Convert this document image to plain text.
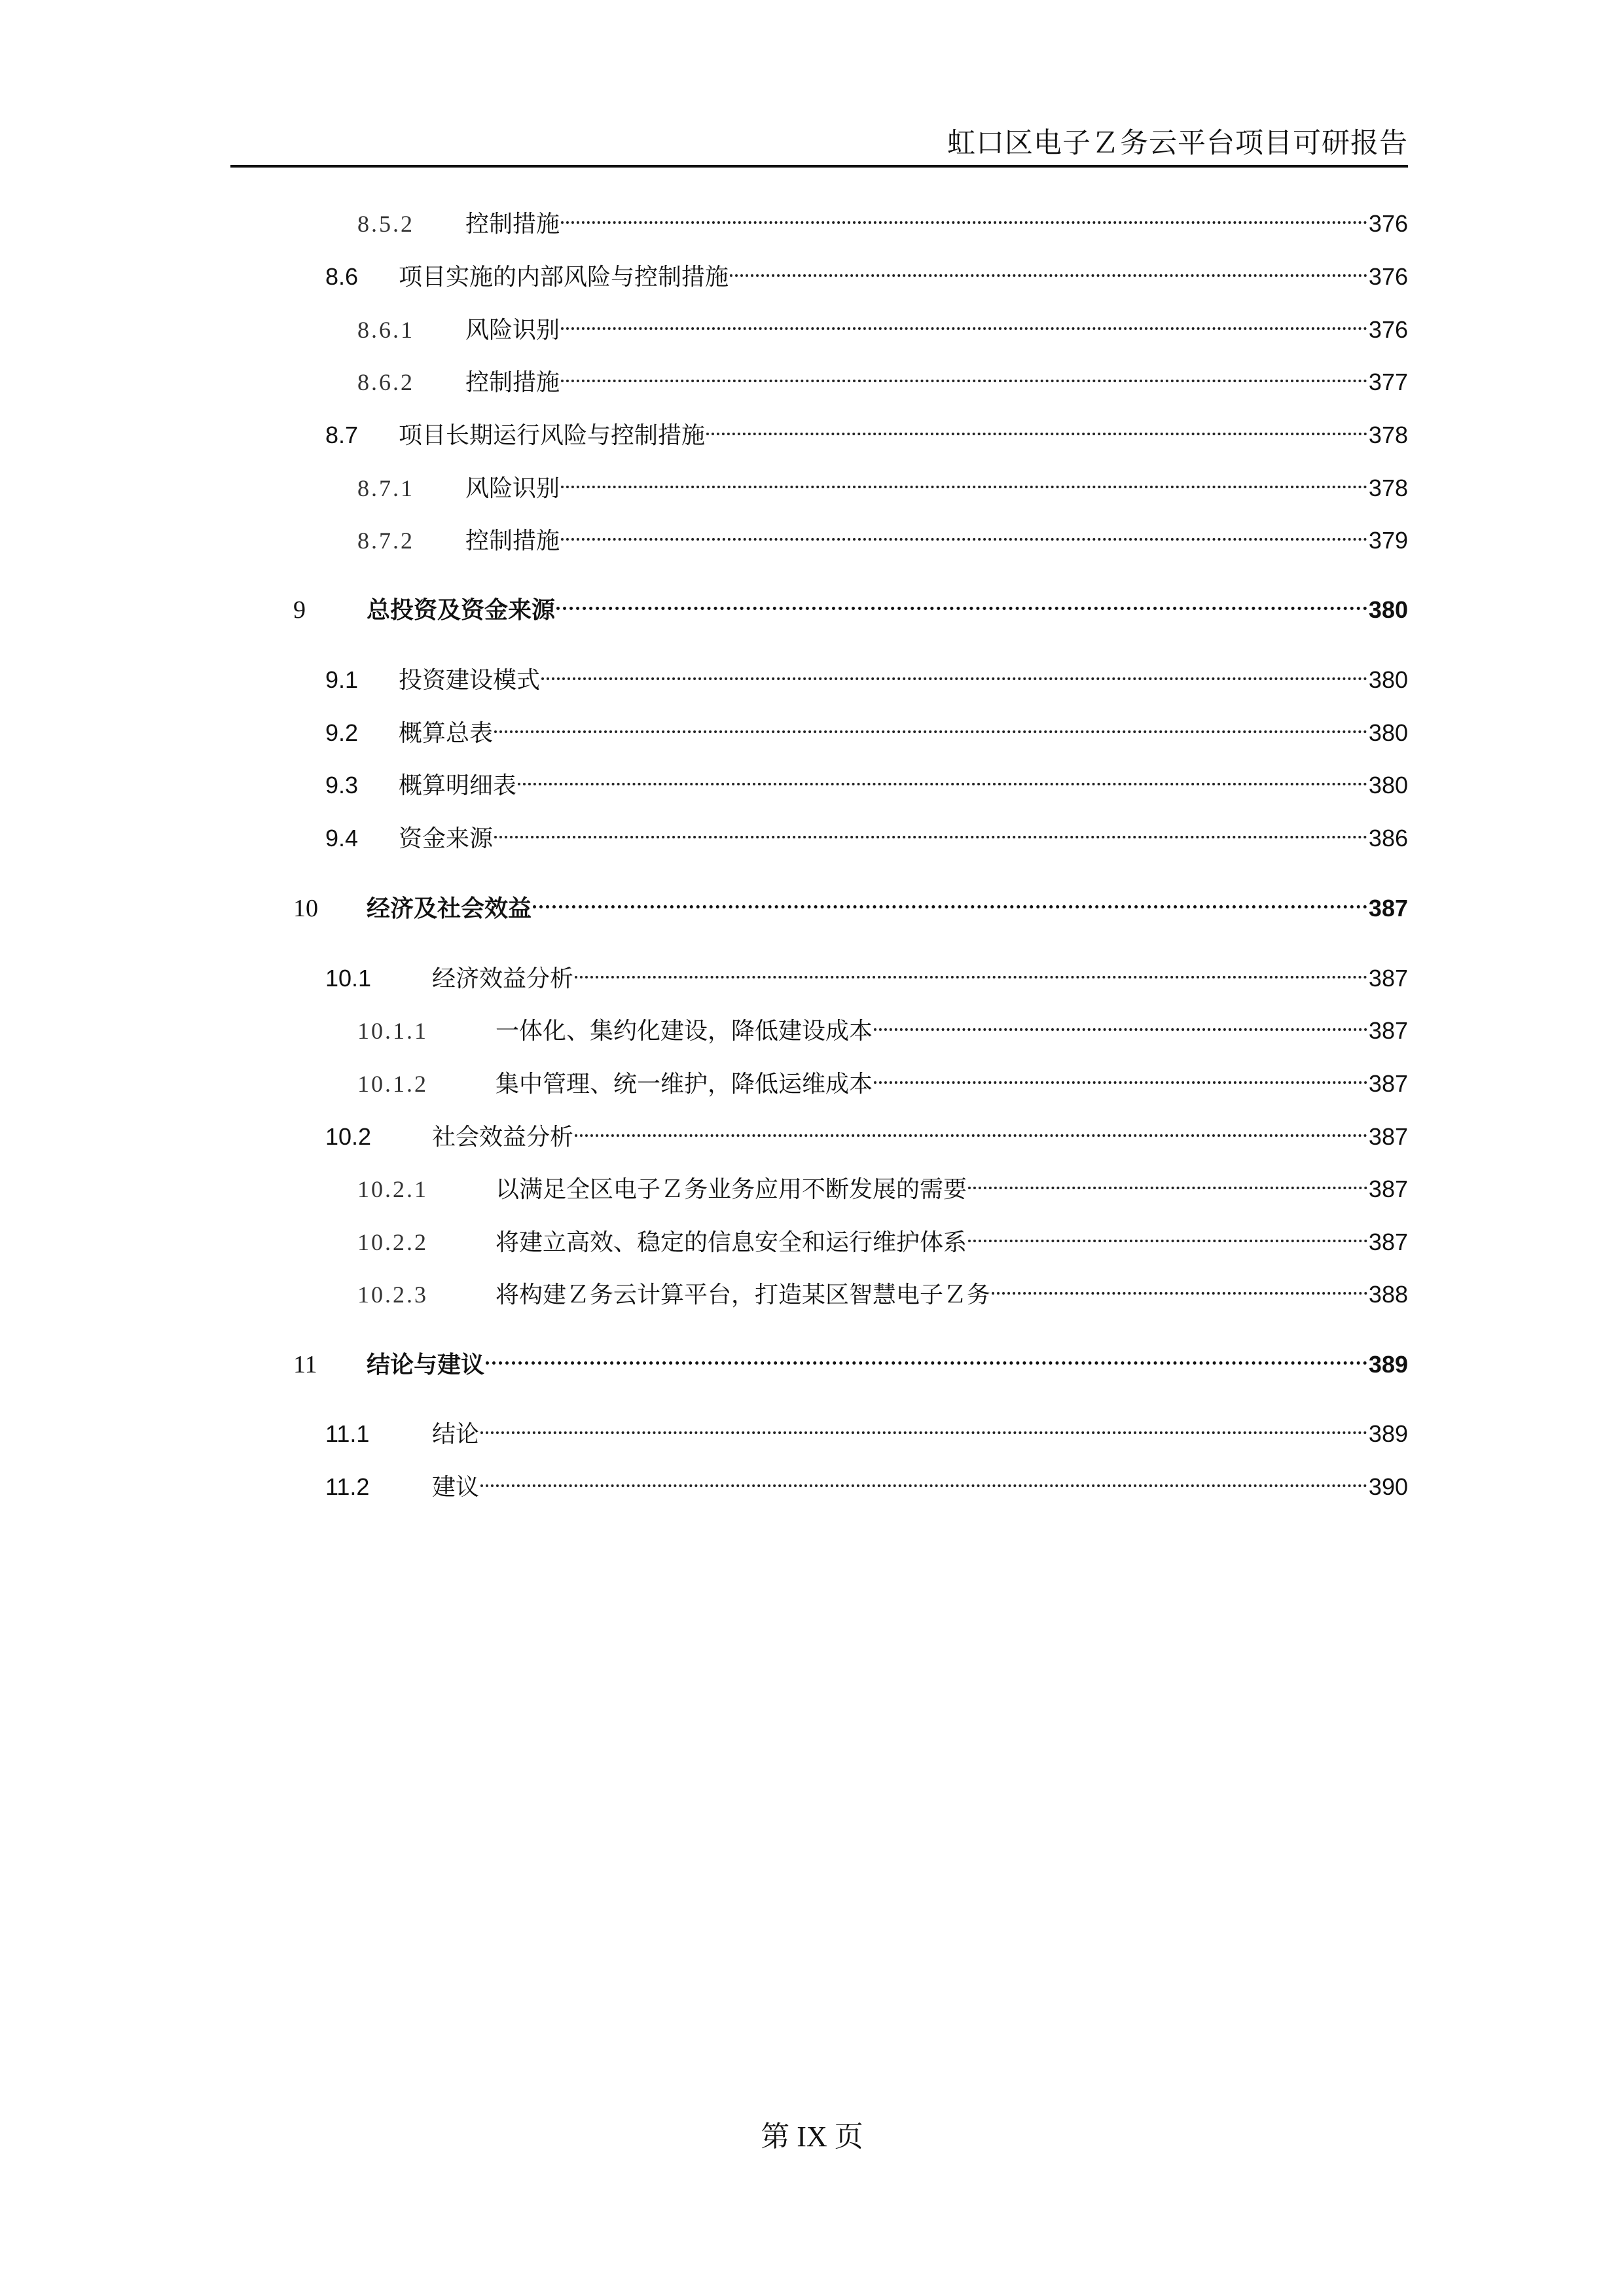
虹口区电子Ｚ务云平台项目可研报告
8.5.2	控制措施	376
8.6	项目实施的内部风险与控制措施	376
8.6.1	风险识别	376
8.6.2	控制措施	377
8.7	项目长期运行风险与控制措施	378
8.7.1	风险识别	378
8.7.2	控制措施	379
9	总投资及资金来源	380
9.1	投资建设模式	380
9.2	概算总表	380
9.3	概算明细表	380
9.4	资金来源	386
10	经济及社会效益	387
10.1	经济效益分析	387
10.1.1	一体化、集约化建设，降低建设成本	387
10.1.2	集中管理、统一维护，降低运维成本	387
10.2	社会效益分析	387
10.2.1	以满足全区电子Ｚ务业务应用不断发展的需要	387
10.2.2	将建立高效、稳定的信息安全和运行维护体系	387
10.2.3	将构建Ｚ务云计算平台，打造某区智慧电子Ｚ务	388
11	结论与建议	389
11.1	结论	389
11.2	建议	390
第 IX 页
